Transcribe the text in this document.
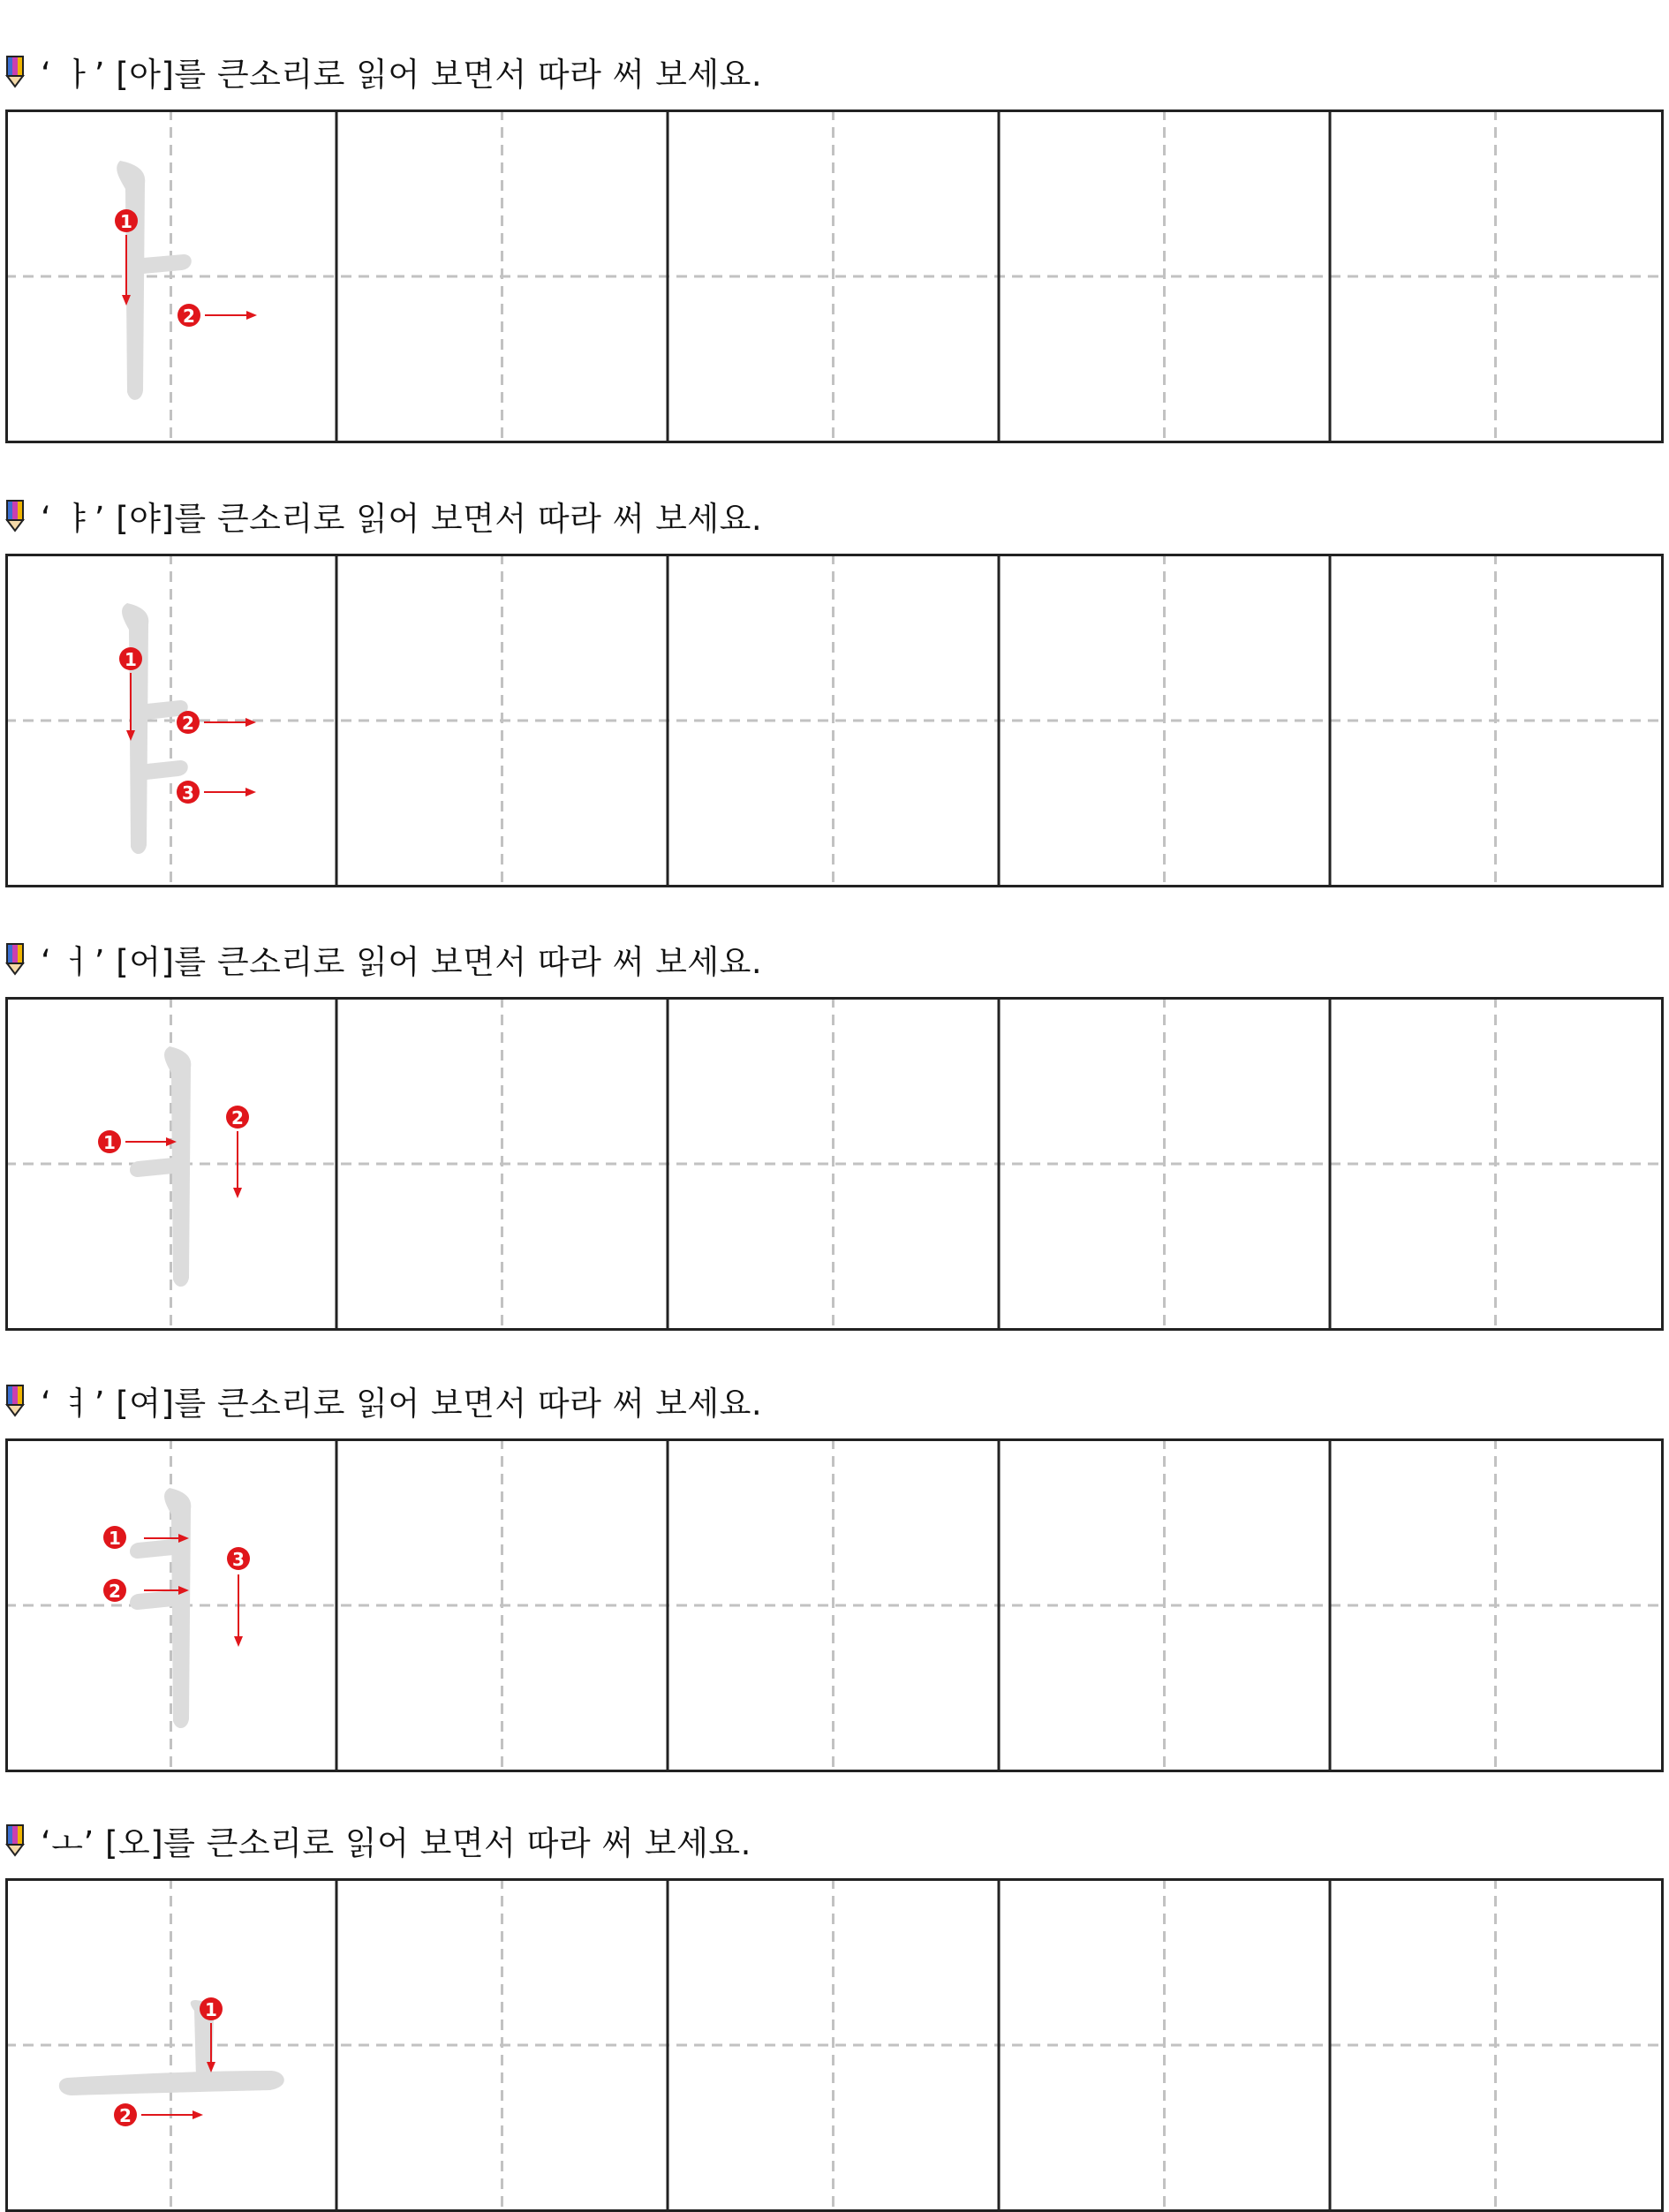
‘ ㅏ’ [아]를 큰소리로 읽어 보면서 따라 써 보세요.
1
2
‘ ㅑ’ [야]를 큰소리로 읽어 보면서 따라 써 보세요.
1
2
3
‘ ㅓ’ [어]를 큰소리로 읽어 보면서 따라 써 보세요.
1
2
‘ ㅕ’ [여]를 큰소리로 읽어 보면서 따라 써 보세요.
1
2
3
‘ㅗ’ [오]를 큰소리로 읽어 보면서 따라 써 보세요.
1
2
